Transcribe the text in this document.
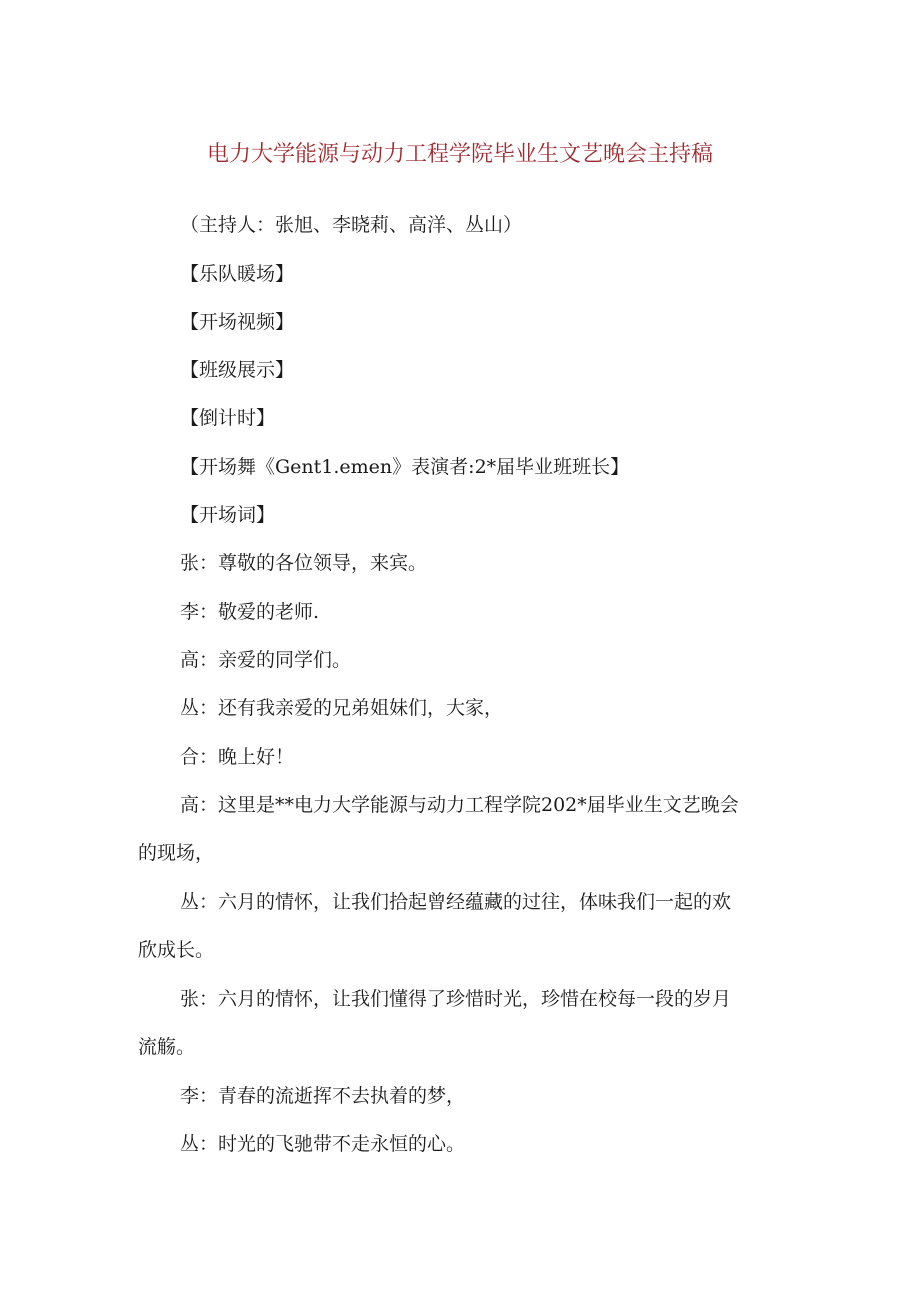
电力大学能源与动力工程学院毕业生文艺晚会主持稿
（主持人：张旭、李晓莉、高洋、丛山）
【乐队暖场】
【开场视频】
【班级展示】
【倒计时】
【开场舞《Gent1.emen》表演者:2*届毕业班班长】
【开场词】
张：尊敬的各位领导，来宾。
李：敬爱的老师.
高：亲爱的同学们。
丛：还有我亲爱的兄弟姐妹们，大家，
合：晚上好！
高：这里是**电力大学能源与动力工程学院202*届毕业生文艺晚会
的现场，
丛：六月的情怀，让我们拾起曾经蕴藏的过往，体味我们一起的欢
欣成长。
张：六月的情怀，让我们懂得了珍惜时光，珍惜在校每一段的岁月
流觞。
李：青春的流逝挥不去执着的梦，
丛：时光的飞驰带不走永恒的心。
